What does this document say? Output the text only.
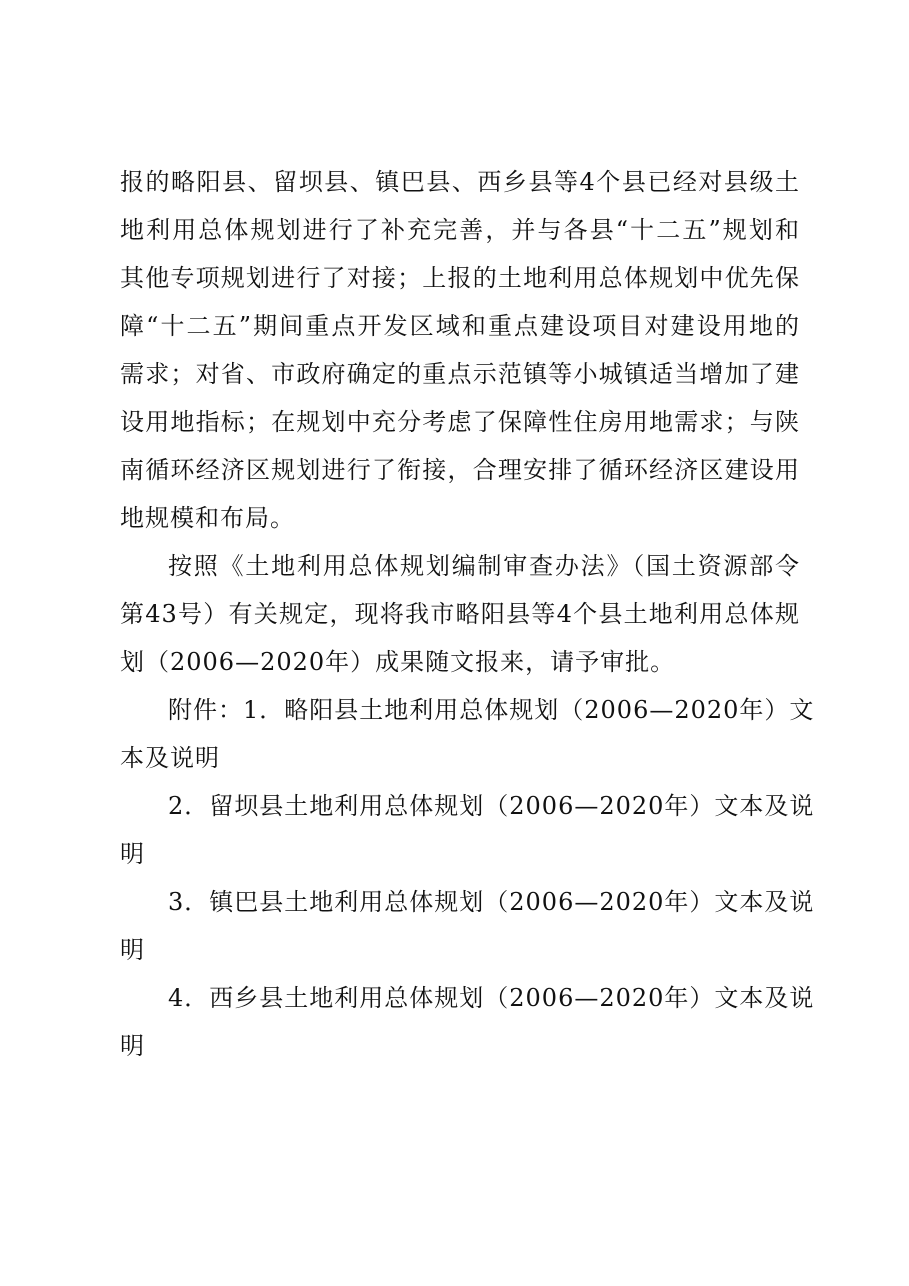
报的略阳县、留坝县、镇巴县、西乡县等4个县已经对县级土
地利用总体规划进行了补充完善，并与各县“十二五”规划和
其他专项规划进行了对接；上报的土地利用总体规划中优先保
障“十二五”期间重点开发区域和重点建设项目对建设用地的
需求；对省、市政府确定的重点示范镇等小城镇适当增加了建
设用地指标；在规划中充分考虑了保障性住房用地需求；与陕
南循环经济区规划进行了衔接，合理安排了循环经济区建设用
地规模和布局。
按照《土地利用总体规划编制审查办法》（国土资源部令
第43号）有关规定，现将我市略阳县等4个县土地利用总体规
划（2006—2020年）成果随文报来，请予审批。
附件：1．略阳县土地利用总体规划（2006—2020年）文
本及说明
2．留坝县土地利用总体规划（2006—2020年）文本及说
明
3．镇巴县土地利用总体规划（2006—2020年）文本及说
明
4．西乡县土地利用总体规划（2006—2020年）文本及说
明
